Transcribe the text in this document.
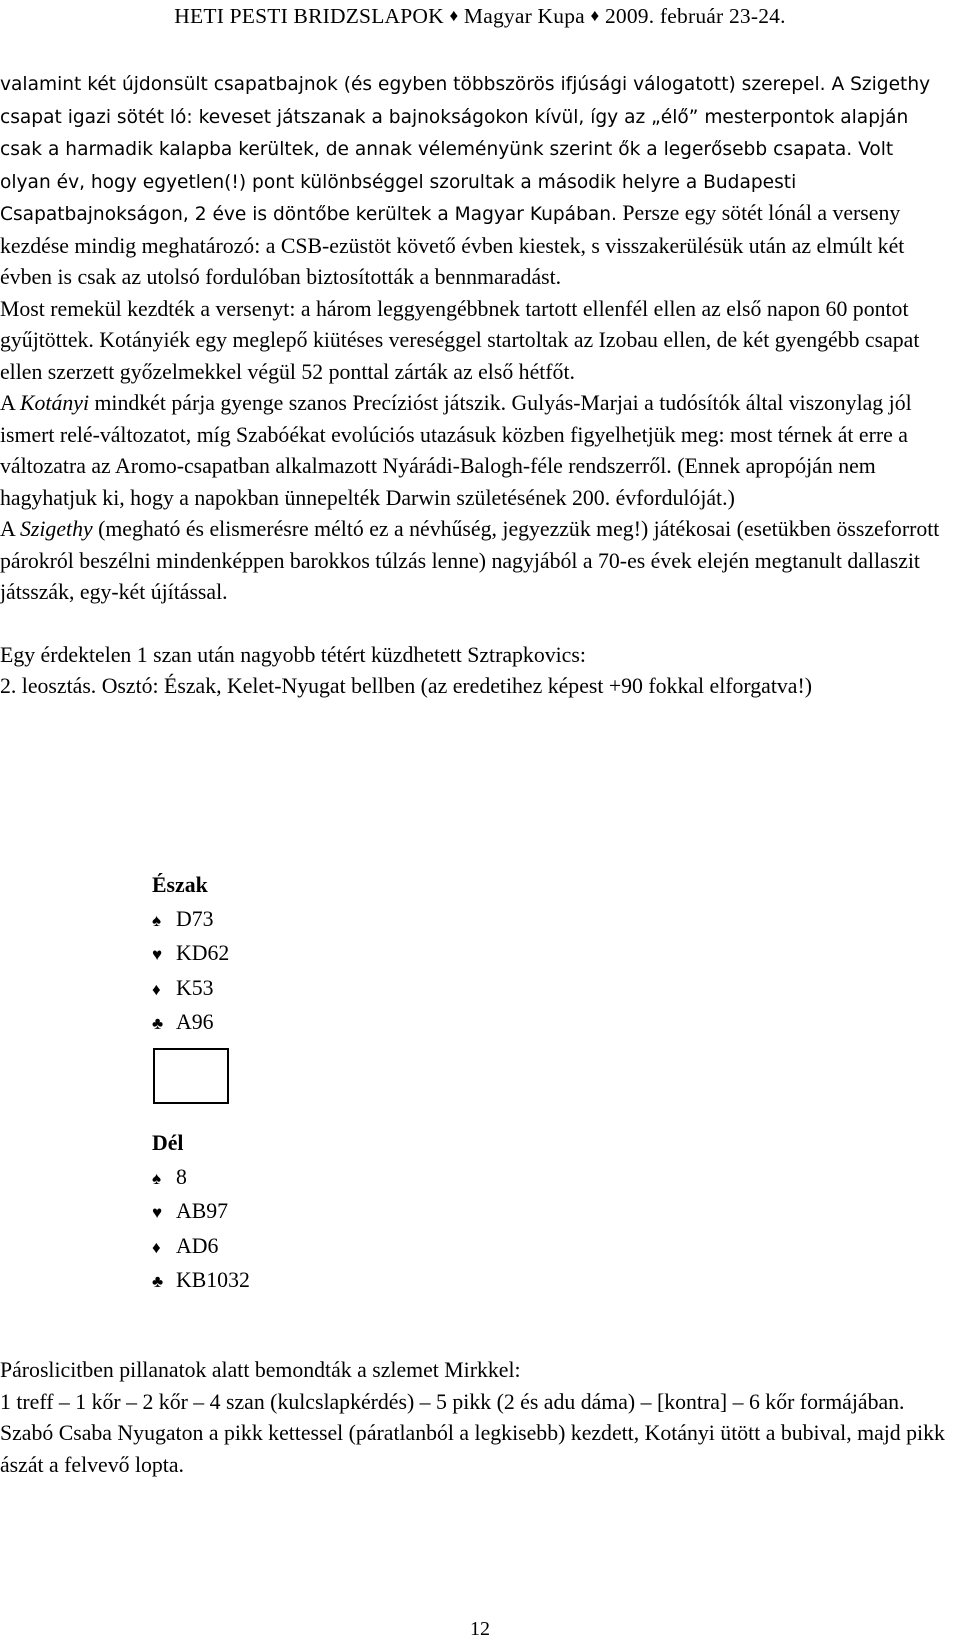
HETI PESTI BRIDZSLAPOK ♦ Magyar Kupa ♦ 2009. február 23-24.

valamint két újdonsült csapatbajnok (és egyben többszörös ifjúsági válogatott) szerepel. A Szigethy csapat igazi sötét ló: keveset játszanak a bajnokságokon kívül, így az „élő” mesterpontok alapján csak a harmadik kalapba kerültek, de annak véleményünk szerint ők a legerősebb csapata. Volt olyan év, hogy egyetlen(!) pont különbséggel szorultak a második helyre a Budapesti Csapatbajnokságon, 2 éve is döntőbe kerültek a Magyar Kupában. Persze egy sötét lónál a verseny kezdése mindig meghatározó: a CSB-ezüstöt követő évben kiestek, s visszakerülésük után az elmúlt két évben is csak az utolsó fordulóban biztosították a bennmaradást.

Most remekül kezdték a versenyt: a három leggyengébbnek tartott ellenfél ellen az első napon 60 pontot gyűjtöttek. Kotányiék egy meglepő kiütéses vereséggel startoltak az Izobau ellen, de két gyengébb csapat ellen szerzett győzelmekkel végül 52 ponttal zárták az első hétfőt.

A Kotányi mindkét párja gyenge szanos Precízióst játszik. Gulyás-Marjai a tudósítók által viszonylag jól ismert relé-változatot, míg Szabóékat evolúciós utazásuk közben figyelhetjük meg: most térnek át erre a változatra az Aromo-csapatban alkalmazott Nyárádi-Balogh-féle rendszerről. (Ennek apropóján nem hagyhatjuk ki, hogy a napokban ünnepelték Darwin születésének 200. évfordulóját.)

A Szigethy (megható és elismerésre méltó ez a névhűség, jegyezzük meg!) játékosai (esetükben összeforrott párokról beszélni mindenképpen barokkos túlzás lenne) nagyjából a 70-es évek elején megtanult dallaszit játsszák, egy-két újítással.

Egy érdektelen 1 szan után nagyobb tétért küzdhetett Sztrapkovics:

2. leosztás. Osztó: Észak, Kelet-Nyugat bellben (az eredetihez képest +90 fokkal elforgatva!)

Észak
♠ D73
♥ KD62
♦ K53
♣ A96
Dél
♠ 8
♥ AB97
♦ AD6
♣ KB1032

Pároslicitben pillanatok alatt bemondták a szlemet Mirkkel:

1 treff – 1 kőr – 2 kőr – 4 szan (kulcslapkérdés) – 5 pikk (2 és adu dáma) – [kontra] – 6 kőr formájában.

Szabó Csaba Nyugaton a pikk kettessel (páratlanból a legkisebb) kezdett, Kotányi ütött a bubival, majd pikk ászát a felvevő lopta.

12
